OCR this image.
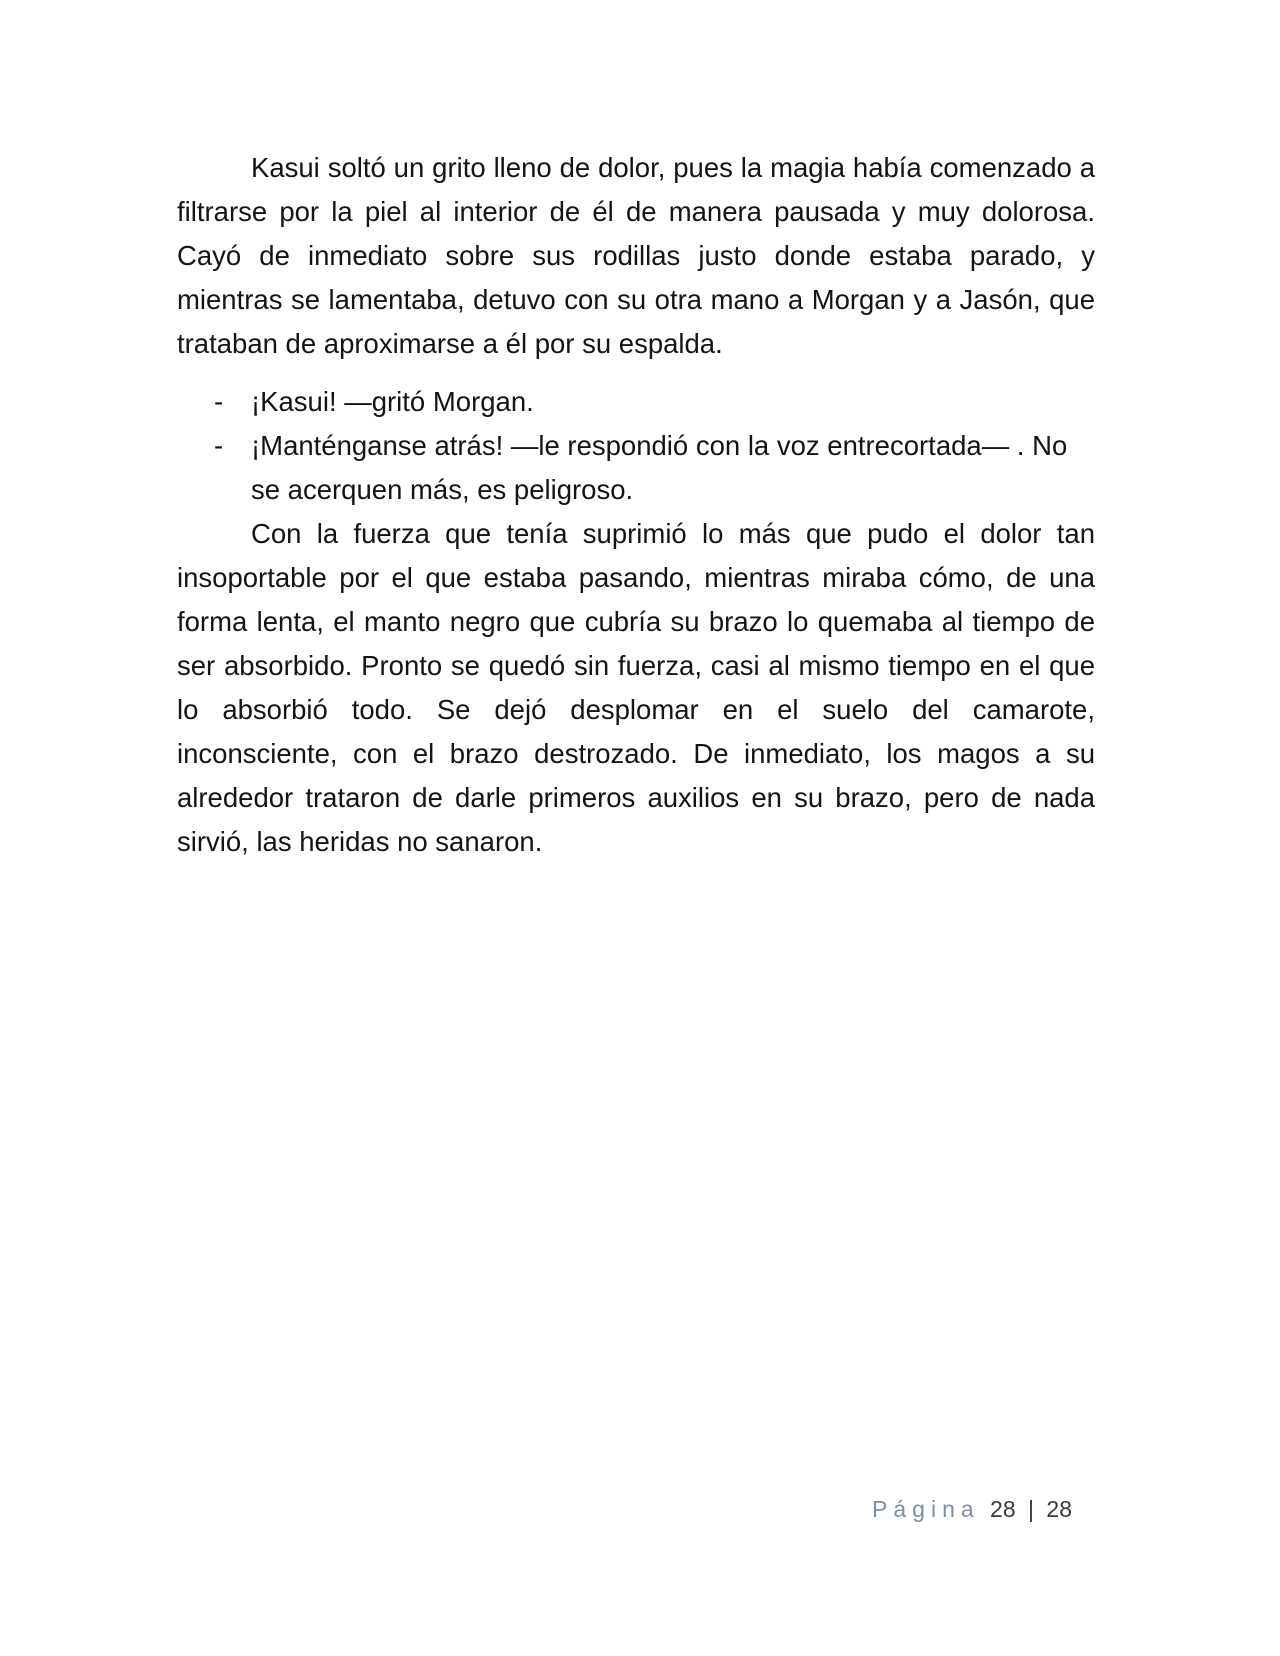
Kasui soltó un grito lleno de dolor, pues la magia había comenzado a filtrarse por la piel al interior de él de manera pausada y muy dolorosa. Cayó de inmediato sobre sus rodillas justo donde estaba parado, y mientras se lamentaba, detuvo con su otra mano a Morgan y a Jasón, que trataban de aproximarse a él por su espalda.

- ¡Kasui! —gritó Morgan.
- ¡Manténganse atrás! —le respondió con la voz entrecortada— . No se acerquen más, es peligroso.

Con la fuerza que tenía suprimió lo más que pudo el dolor tan insoportable por el que estaba pasando, mientras miraba cómo, de una forma lenta, el manto negro que cubría su brazo lo quemaba al tiempo de ser absorbido. Pronto se quedó sin fuerza, casi al mismo tiempo en el que lo absorbió todo. Se dejó desplomar en el suelo del camarote, inconsciente, con el brazo destrozado. De inmediato, los magos a su alrededor trataron de darle primeros auxilios en su brazo, pero de nada sirvió, las heridas no sanaron.

Página 28 | 28
